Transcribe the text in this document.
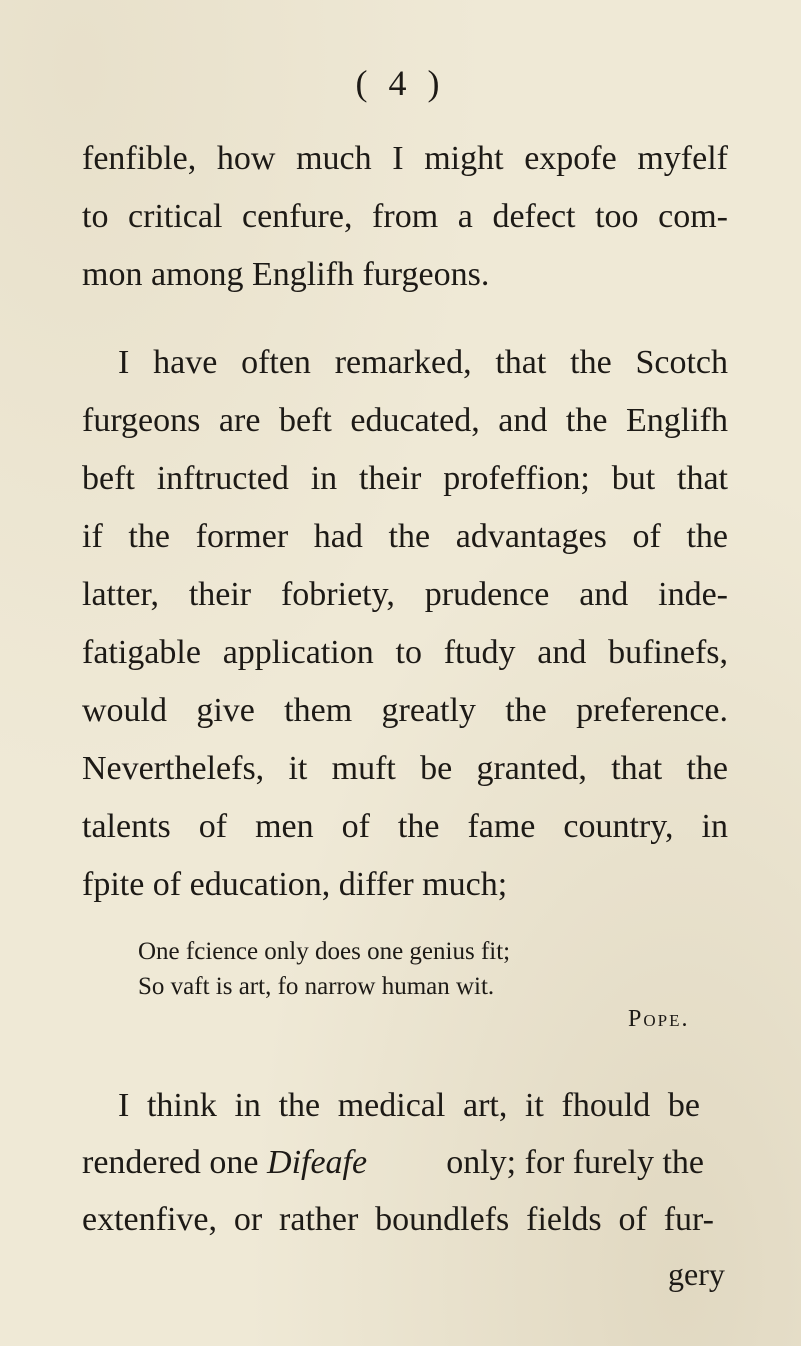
( 4 )
fenfible, how much I might expofe myfelf
to critical cenfure, from a defect too com-
mon among Englifh furgeons.
I have often remarked, that the Scotch
furgeons are beft educated, and the Englifh
beft inftructed in their profeffion; but that
if the former had the advantages of the
latter, their fobriety, prudence and inde-
fatigable application to ftudy and bufinefs,
would give them greatly the preference.
Neverthelefs, it muft be granted, that the
talents of men of the fame country, in
fpite of education, differ much;
One fcience only does one genius fit;
So vaft is art, fo narrow human wit.
Pope.
I think in the medical art, it fhould be
rendered one Difeafe only; for furely the
extenfive, or rather boundlefs fields of fur-
gery
